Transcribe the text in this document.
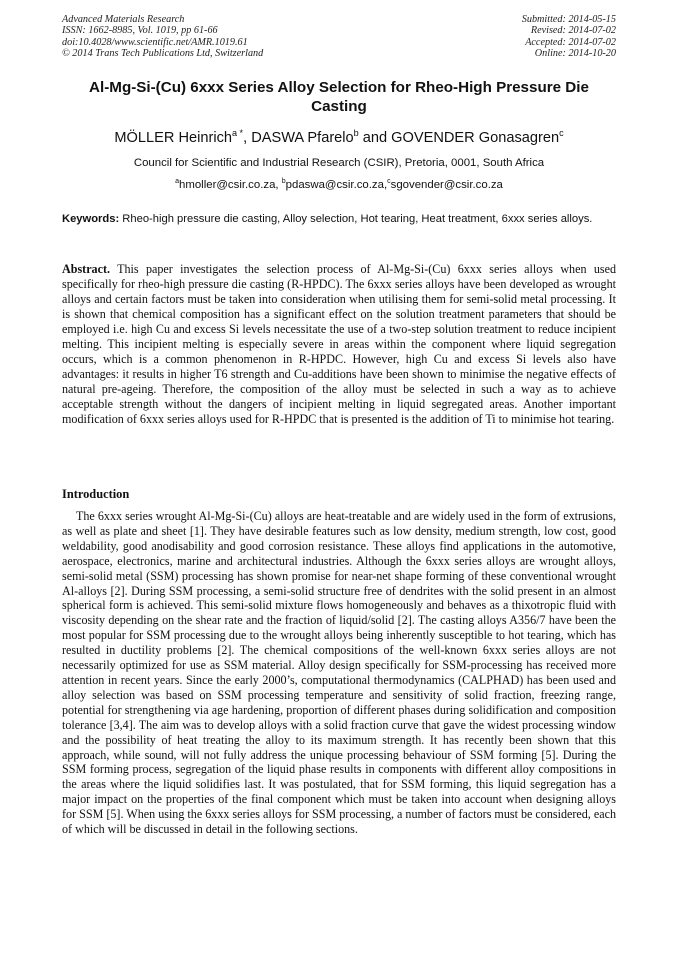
Advanced Materials Research
ISSN: 1662-8985, Vol. 1019, pp 61-66
doi:10.4028/www.scientific.net/AMR.1019.61
© 2014 Trans Tech Publications Ltd, Switzerland
Submitted: 2014-05-15
Revised: 2014-07-02
Accepted: 2014-07-02
Online: 2014-10-20
Al-Mg-Si-(Cu) 6xxx Series Alloy Selection for Rheo-High Pressure Die Casting
MÖLLER Heinrich$^{a *}$, DASWA Pfarelo$^b$ and GOVENDER Gonasagren$^c$
Council for Scientific and Industrial Research (CSIR), Pretoria, 0001, South Africa
$^a$hmoller@csir.co.za, $^b$pdaswa@csir.co.za,$^c$sgovender@csir.co.za
Keywords: Rheo-high pressure die casting, Alloy selection, Hot tearing, Heat treatment, 6xxx series alloys.
Abstract. This paper investigates the selection process of Al-Mg-Si-(Cu) 6xxx series alloys when used specifically for rheo-high pressure die casting (R-HPDC). The 6xxx series alloys have been developed as wrought alloys and certain factors must be taken into consideration when utilising them for semi-solid metal processing. It is shown that chemical composition has a significant effect on the solution treatment parameters that should be employed i.e. high Cu and excess Si levels necessitate the use of a two-step solution treatment to reduce incipient melting. This incipient melting is especially severe in areas within the component where liquid segregation occurs, which is a common phenomenon in R-HPDC. However, high Cu and excess Si levels also have advantages: it results in higher T6 strength and Cu-additions have been shown to minimise the negative effects of natural pre-ageing. Therefore, the composition of the alloy must be selected in such a way as to achieve acceptable strength without the dangers of incipient melting in liquid segregated areas. Another important modification of 6xxx series alloys used for R-HPDC that is presented is the addition of Ti to minimise hot tearing.
Introduction
The 6xxx series wrought Al-Mg-Si-(Cu) alloys are heat-treatable and are widely used in the form of extrusions, as well as plate and sheet [1]. They have desirable features such as low density, medium strength, low cost, good weldability, good anodisability and good corrosion resistance. These alloys find applications in the automotive, aerospace, electronics, marine and architectural industries. Although the 6xxx series alloys are wrought alloys, semi-solid metal (SSM) processing has shown promise for near-net shape forming of these conventional wrought Al-alloys [2]. During SSM processing, a semi-solid structure free of dendrites with the solid present in an almost spherical form is achieved. This semi-solid mixture flows homogeneously and behaves as a thixotropic fluid with viscosity depending on the shear rate and the fraction of liquid/solid [2]. The casting alloys A356/7 have been the most popular for SSM processing due to the wrought alloys being inherently susceptible to hot tearing, which has resulted in ductility problems [2]. The chemical compositions of the well-known 6xxx series alloys are not necessarily optimized for use as SSM material. Alloy design specifically for SSM-processing has received more attention in recent years. Since the early 2000’s, computational thermodynamics (CALPHAD) has been used and alloy selection was based on SSM processing temperature and sensitivity of solid fraction, freezing range, potential for strengthening via age hardening, proportion of different phases during solidification and composition tolerance [3,4]. The aim was to develop alloys with a solid fraction curve that gave the widest processing window and the possibility of heat treating the alloy to its maximum strength. It has recently been shown that this approach, while sound, will not fully address the unique processing behaviour of SSM forming [5]. During the SSM forming process, segregation of the liquid phase results in components with different alloy compositions in the areas where the liquid solidifies last. It was postulated, that for SSM forming, this liquid segregation has a major impact on the properties of the final component which must be taken into account when designing alloys for SSM [5]. When using the 6xxx series alloys for SSM processing, a number of factors must be considered, each of which will be discussed in detail in the following sections.
